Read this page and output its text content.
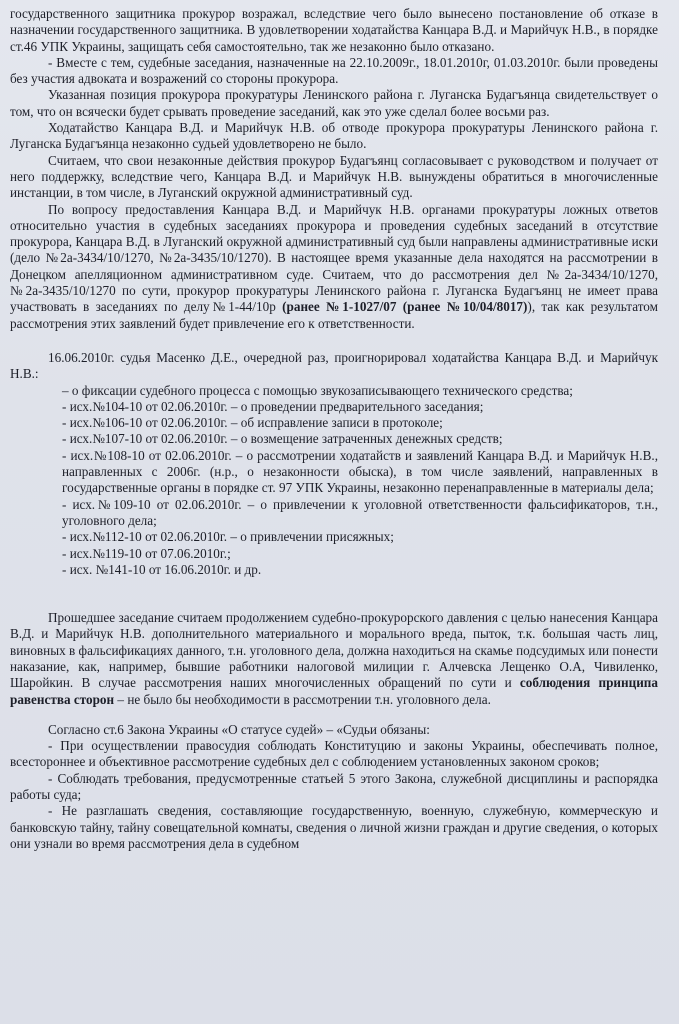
государственного защитника прокурор возражал, вследствие чего было вынесено постановление об отказе в назначении государственного защитника. В удовлетворении ходатайства Канцара В.Д. и Марийчук Н.В., в порядке ст.46 УПК Украины, защищать себя самостоятельно, так же незаконно было отказано.

- Вместе с тем, судебные заседания, назначенные на 22.10.2009г., 18.01.2010г, 01.03.2010г. были проведены без участия адвоката и возражений со стороны прокурора.

Указанная позиция прокурора прокуратуры Ленинского района г. Луганска Будагъянца свидетельствует о том, что он всячески будет срывать проведение заседаний, как это уже сделал более восьми раз.

Ходатайство Канцара В.Д. и Марийчук Н.В. об отводе прокурора прокуратуры Ленинского района г. Луганска Будагъянца незаконно судьей удовлетворено не было.

Считаем, что свои незаконные действия прокурор Будагъянц согласовывает с руководством и получает от него поддержку, вследствие чего, Канцара В.Д. и Марийчук Н.В. вынуждены обратиться в многочисленные инстанции, в том числе, в Луганский окружной административный суд.

По вопросу предоставления Канцара В.Д. и Марийчук Н.В. органами прокуратуры ложных ответов относительно участия в судебных заседаниях прокурора и проведения судебных заседаний в отсутствие прокурора, Канцара В.Д. в Луганский окружной административный суд были направлены административные иски (дело №2а-3434/10/1270, №2а-3435/10/1270). В настоящее время указанные дела находятся на рассмотрении в Донецком апелляционном административном суде. Считаем, что до рассмотрения дел №2а-3434/10/1270, №2а-3435/10/1270 по сути, прокурор прокуратуры Ленинского района г. Луганска Будагъянц не имеет права участвовать в заседаниях по делу№1-44/10р (ранее №1-1027/07 (ранее №10/04/8017)), так как результатом рассмотрения этих заявлений будет привлечение его к ответственности.

16.06.2010г. судья Масенко Д.Е., очередной раз, проигнорировал ходатайства Канцара В.Д. и Марийчук Н.В.:

– о фиксации судебного процесса с помощью звукозаписывающего технического средства;

- исх.№104-10 от 02.06.2010г. – о проведении предварительного заседания;

- исх.№106-10 от 02.06.2010г. – об исправление записи в протоколе;

- исх.№107-10 от 02.06.2010г. – о возмещение затраченных денежных средств;

- исх.№108-10 от 02.06.2010г. – о рассмотрении ходатайств и заявлений Канцара В.Д. и Марийчук Н.В., направленных с 2006г. (н.р., о незаконности обыска), в том числе заявлений, направленных в государственные органы в порядке ст. 97 УПК Украины, незаконно перенаправленные в материалы дела;

- исх.№109-10 от 02.06.2010г. – о привлечении к уголовной ответственности фальсификаторов, т.н., уголовного дела;

- исх.№112-10 от 02.06.2010г. – о привлечении присяжных;

- исх.№119-10 от 07.06.2010г.;

- исх. №141-10 от 16.06.2010г. и др.

Прошедшее заседание считаем продолжением судебно-прокурорского давления с целью нанесения Канцара В.Д. и Марийчук Н.В. дополнительного материального и морального вреда, пыток, т.к. большая часть лиц, виновных в фальсификациях данного, т.н. уголовного дела, должна находиться на скамье подсудимых или понести наказание, как, например, бывшие работники налоговой милиции г. Алчевска Лещенко О.А, Чивиленко, Шаройкин. В случае рассмотрения наших многочисленных обращений по сути и соблюдения принципа равенства сторон – не было бы необходимости в рассмотрении т.н. уголовного дела.

Согласно ст.6 Закона Украины «О статусе судей» – «Судьи обязаны:

- При осуществлении правосудия соблюдать Конституцию и законы Украины, обеспечивать полное, всестороннее и объективное рассмотрение судебных дел с соблюдением установленных законом сроков;

- Соблюдать требования, предусмотренные статьей 5 этого Закона, служебной дисциплины и распорядка работы суда;

- Не разглашать сведения, составляющие государственную, военную, служебную, коммерческую и банковскую тайну, тайну совещательной комнаты, сведения о личной жизни граждан и другие сведения, о которых они узнали во время рассмотрения дела в судебном
